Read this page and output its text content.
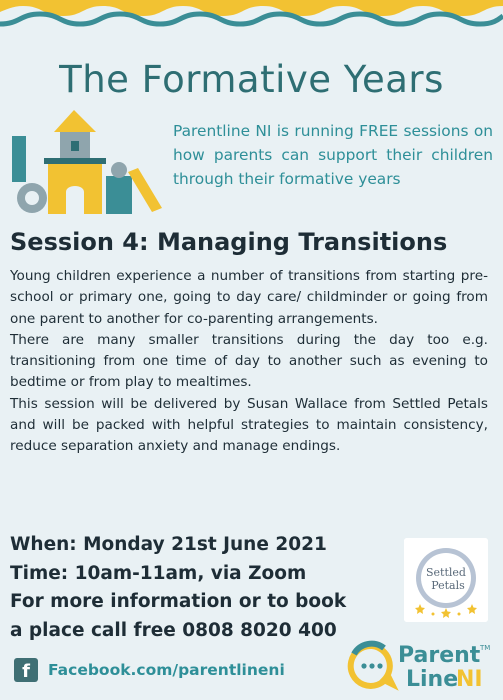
The Formative Years
Parentline NI is running FREE sessions on how parents can support their children through their formative years
Session 4: Managing Transitions

Young children experience a number of transitions from starting pre-school or primary one, going to day care/ childminder or going from one parent to another for co-parenting arrangements.

There are many smaller transitions during the day too e.g. transitioning from one time of day to another such as evening to bedtime or from play to mealtimes.

This session will be delivered by Susan Wallace from Settled Petals and will be packed with helpful strategies to maintain consistency, reduce separation anxiety and manage endings.

When: Monday 21st June 2021
Time: 10am-11am, via Zoom
For more information or to book
a place call free 0808 8020 400
Settled
Petals
f	Facebook.com/parentlineni
Parent TM
Line
NI
